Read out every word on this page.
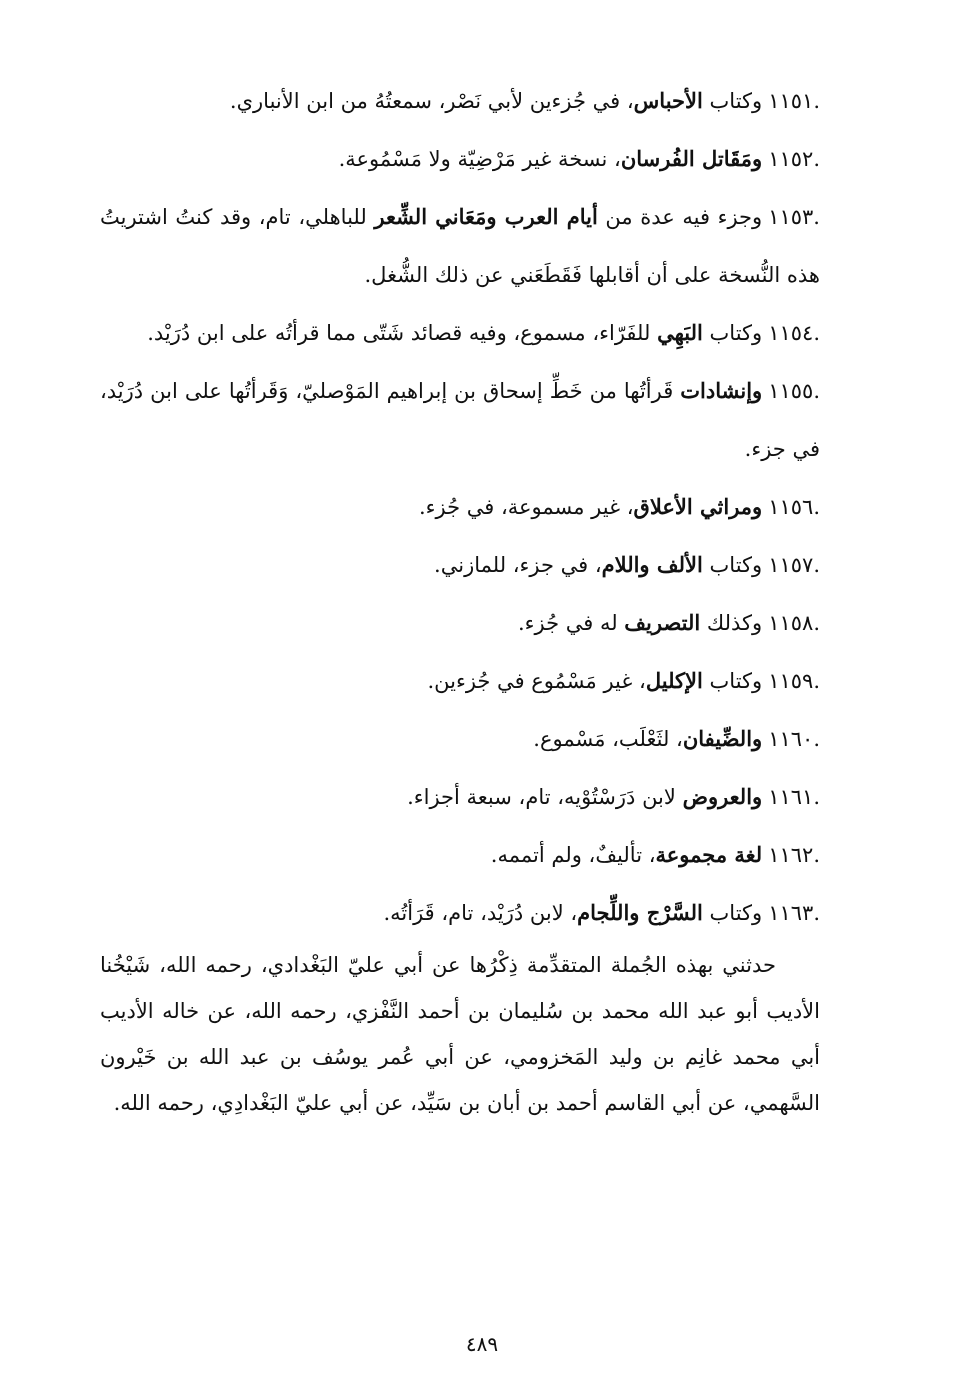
١١٥١.وكتاب الأحباس، في جُزءين لأبي نَصْر، سمعتُهُ من ابن الأنباري.
١١٥٢.ومَقَاتل الفُرسان، نسخة غير مَرْضِيّة ولا مَسْمُوعة.
١١٥٣.وجزء فيه عدة من أيام العرب ومَعَاني الشِّعر للباهلي، تام، وقد كنتُ اشتريتُ هذه النُّسخة على أن أقابلها فَقَطَعَني عن ذلك الشُّغل.
١١٥٤.وكتاب البَهِي للفَرّاء، مسموع، وفيه قصائد شَتّى مما قرأتُه على ابن دُرَيْد.
١١٥٥.وإنشادات قَرأتُها من خَطِّ إسحاق بن إبراهيم المَوْصليّ، وَقَرأتُها على ابن دُرَيْد، في جزء.
١١٥٦.ومراثي الأعلاق، غير مسموعة، في جُزء.
١١٥٧.وكتاب الألف واللام، في جزء، للمازني.
١١٥٨.وكذلك التصريف له في جُزء.
١١٥٩.وكتاب الإكليل، غير مَسْمُوع في جُزءين.
١١٦٠.والضِّيفان، لثَعْلَب، مَسْموع.
١١٦١.والعروض لابن دَرَسْتُوْيه، تام، سبعة أجزاء.
١١٦٢.لغة مجموعة، تأليفٌ، ولم أتممه.
١١٦٣.وكتاب السَّرْج واللِّجام، لابن دُرَيْد، تام، قَرَأتُه.

حدثني بهذه الجُملة المتقدِّمة ذِكْرُها عن أبي عليّ البَغْدادي، رحمه الله، شَيْخُنا الأديب أبو عبد الله محمد بن سُليمان بن أحمد النَّفْزي، رحمه الله، عن خاله الأديب أبي محمد غانِم بن وليد المَخزومي، عن أبي عُمر يوسُف بن عبد الله بن خَيْرون السَّهمي، عن أبي القاسم أحمد بن أبان بن سَيِّد، عن أبي عليّ البَغْدادِي، رحمه الله.

٤٨٩
